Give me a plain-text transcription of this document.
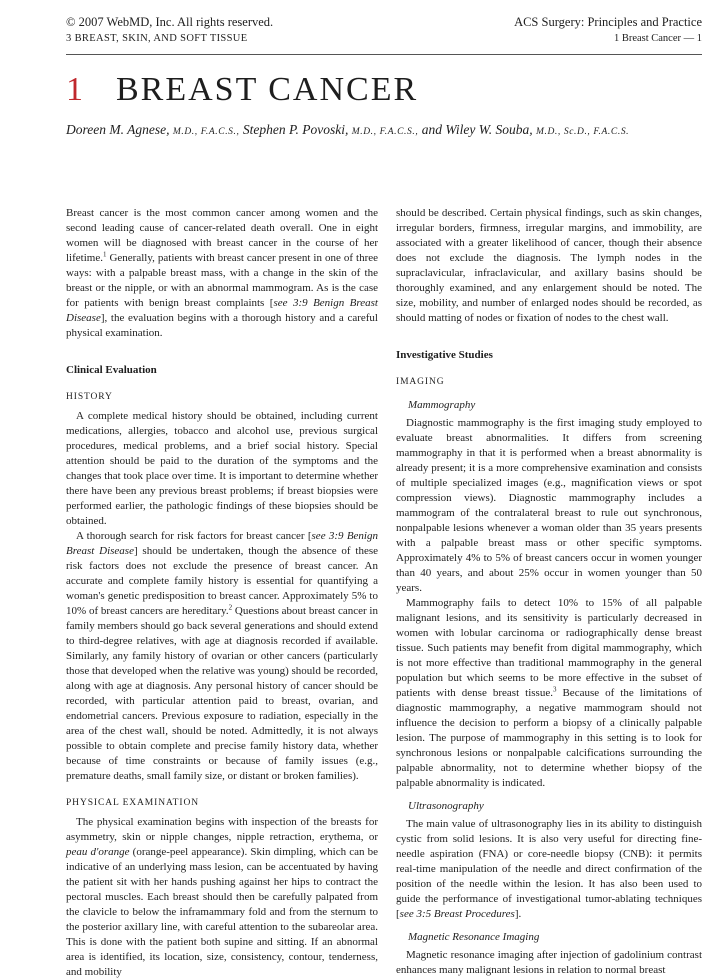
© 2007 WebMD, Inc. All rights reserved.	ACS Surgery: Principles and Practice
3 BREAST, SKIN, AND SOFT TISSUE	1 Breast Cancer — 1
1 BREAST CANCER
Doreen M. Agnese, M.D., F.A.C.S., Stephen P. Povoski, M.D., F.A.C.S., and Wiley W. Souba, M.D., Sc.D., F.A.C.S.

Breast cancer is the most common cancer among women and the second leading cause of cancer-related death overall. One in eight women will be diagnosed with breast cancer in the course of her lifetime.$^1$ Generally, patients with breast cancer present in one of three ways: with a palpable breast mass, with a change in the skin of the breast or the nipple, or with an abnormal mammogram. As is the case for patients with benign breast complaints [see 3:9 Benign Breast Disease], the evaluation begins with a thorough history and a careful physical examination.

Clinical Evaluation
HISTORY

A complete medical history should be obtained, including current medications, allergies, tobacco and alcohol use, previous surgical procedures, medical problems, and a brief social history. Special attention should be paid to the duration of the symptoms and the changes that took place over time. It is important to determine whether there have been any previous breast problems; if breast biopsies were performed earlier, the pathologic findings of these biopsies should be obtained.

A thorough search for risk factors for breast cancer [see 3:9 Benign Breast Disease] should be undertaken, though the absence of these risk factors does not exclude the presence of breast cancer. An accurate and complete family history is essential for quantifying a woman's genetic predisposition to breast cancer. Approximately 5% to 10% of breast cancers are hereditary.$^2$ Questions about breast cancer in family members should go back several generations and should extend to third-degree relatives, with age at diagnosis recorded if available. Similarly, any family history of ovarian or other cancers (particularly those that developed when the relative was young) should be recorded, along with age at diagnosis. Any personal history of cancer should be recorded, with particular attention paid to breast, ovarian, and endometrial cancers. Previous exposure to radiation, especially in the area of the chest wall, should be noted. Admittedly, it is not always possible to obtain complete and precise family history data, whether because of time constraints or because of family issues (e.g., premature deaths, small family size, or distant or broken families).

PHYSICAL EXAMINATION

The physical examination begins with inspection of the breasts for asymmetry, skin or nipple changes, nipple retraction, erythema, or peau d'orange (orange-peel appearance). Skin dimpling, which can be indicative of an underlying mass lesion, can be accentuated by having the patient sit with her hands pushing against her hips to contract the pectoral muscles. Each breast should then be carefully palpated from the clavicle to below the inframammary fold and from the sternum to the posterior axillary line, with careful attention to the subareolar area. This is done with the patient both supine and sitting. If an abnormal area is identified, its location, size, consistency, contour, tenderness, and mobility

should be described. Certain physical findings, such as skin changes, irregular borders, firmness, irregular margins, and immobility, are associated with a greater likelihood of cancer, though their absence does not exclude the diagnosis. The lymph nodes in the supraclavicular, infraclavicular, and axillary basins should be thoroughly examined, and any enlargement should be noted. The size, mobility, and number of enlarged nodes should be recorded, as should matting of nodes or fixation of nodes to the chest wall.

Investigative Studies
IMAGING
Mammography

Diagnostic mammography is the first imaging study employed to evaluate breast abnormalities. It differs from screening mammography in that it is performed when a breast abnormality is already present; it is a more comprehensive examination and consists of multiple specialized images (e.g., magnification views or spot compression views). Diagnostic mammography includes a mammogram of the contralateral breast to rule out synchronous, nonpalpable lesions whenever a woman older than 35 years presents with a palpable breast mass or other specific symptoms. Approximately 4% to 5% of breast cancers occur in women younger than 40 years, and about 25% occur in women younger than 50 years.

Mammography fails to detect 10% to 15% of all palpable malignant lesions, and its sensitivity is particularly decreased in women with lobular carcinoma or radiographically dense breast tissue. Such patients may benefit from digital mammography, which is not more effective than traditional mammography in the general population but which seems to be more effective in the subset of patients with dense breast tissue.$^3$ Because of the limitations of diagnostic mammography, a negative mammogram should not influence the decision to perform a biopsy of a clinically palpable lesion. The purpose of mammography in this setting is to look for synchronous lesions or nonpalpable calcifications surrounding the palpable abnormality, not to determine whether biopsy of the palpable abnormality is indicated.

Ultrasonography

The main value of ultrasonography lies in its ability to distinguish cystic from solid lesions. It is also very useful for directing fine-needle aspiration (FNA) or core-needle biopsy (CNB): it permits real-time manipulation of the needle and direct confirmation of the position of the needle within the lesion. It has also been used to guide the performance of investigational tumor-ablating techniques [see 3:5 Breast Procedures].

Magnetic Resonance Imaging

Magnetic resonance imaging after injection of gadolinium contrast enhances many malignant lesions in relation to normal breast
